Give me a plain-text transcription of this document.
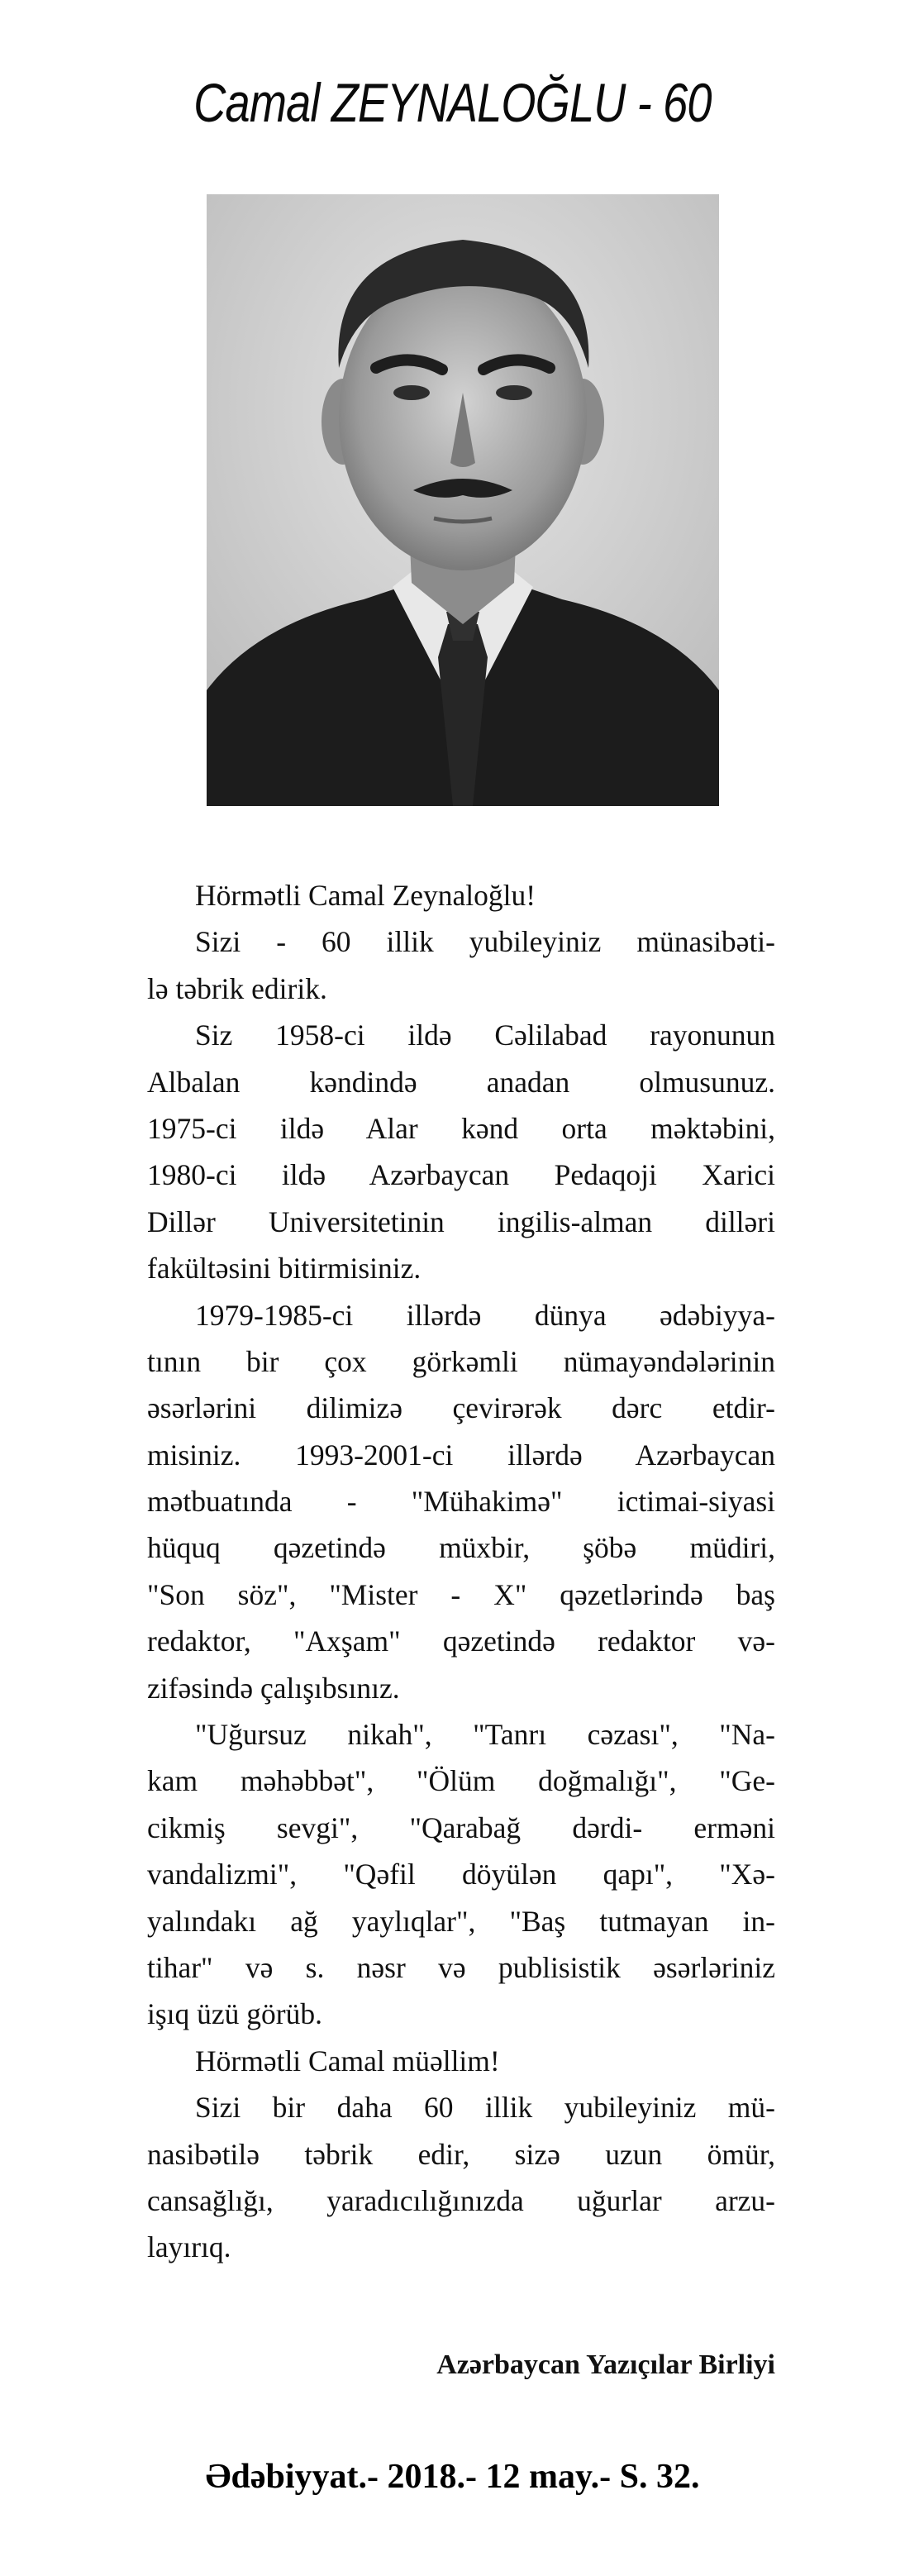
Camal ZEYNALOĞLU - 60
Hörmətli Camal Zeynaloğlu!
Sizi - 60 illik yubileyiniz münasibəti-
lə təbrik edirik.
Siz 1958-ci ildə Cəlilabad rayonunun
Albalan kəndində anadan olmusunuz.
1975-ci ildə Alar kənd orta məktəbini,
1980-ci ildə Azərbaycan Pedaqoji Xarici
Dillər Universitetinin ingilis-alman dilləri
fakültəsini bitirmisiniz.
1979-1985-ci illərdə dünya ədəbiyya-
tının bir çox görkəmli nümayəndələrinin
əsərlərini dilimizə çevirərək dərc etdir-
misiniz. 1993-2001-ci illərdə Azərbaycan
mətbuatında - "Mühakimə" ictimai-siyasi
hüquq qəzetində müxbir, şöbə müdiri,
"Son söz", "Mister - X" qəzetlərində baş
redaktor, "Axşam" qəzetində redaktor və-
zifəsində çalışıbsınız.
"Uğursuz nikah", "Tanrı cəzası", "Na-
kam məhəbbət", "Ölüm doğmalığı", "Ge-
cikmiş sevgi", "Qarabağ dərdi- erməni
vandalizmi", "Qəfil döyülən qapı", "Xə-
yalındakı ağ yaylıqlar", "Baş tutmayan in-
tihar" və s. nəsr və publisistik əsərləriniz
işıq üzü görüb.
Hörmətli Camal müəllim!
Sizi bir daha 60 illik yubileyiniz mü-
nasibətilə təbrik edir, sizə uzun ömür,
cansağlığı, yaradıcılığınızda uğurlar arzu-
layırıq.
Azərbaycan Yazıçılar Birliyi
Ədəbiyyat.- 2018.- 12 may.- S. 32.
